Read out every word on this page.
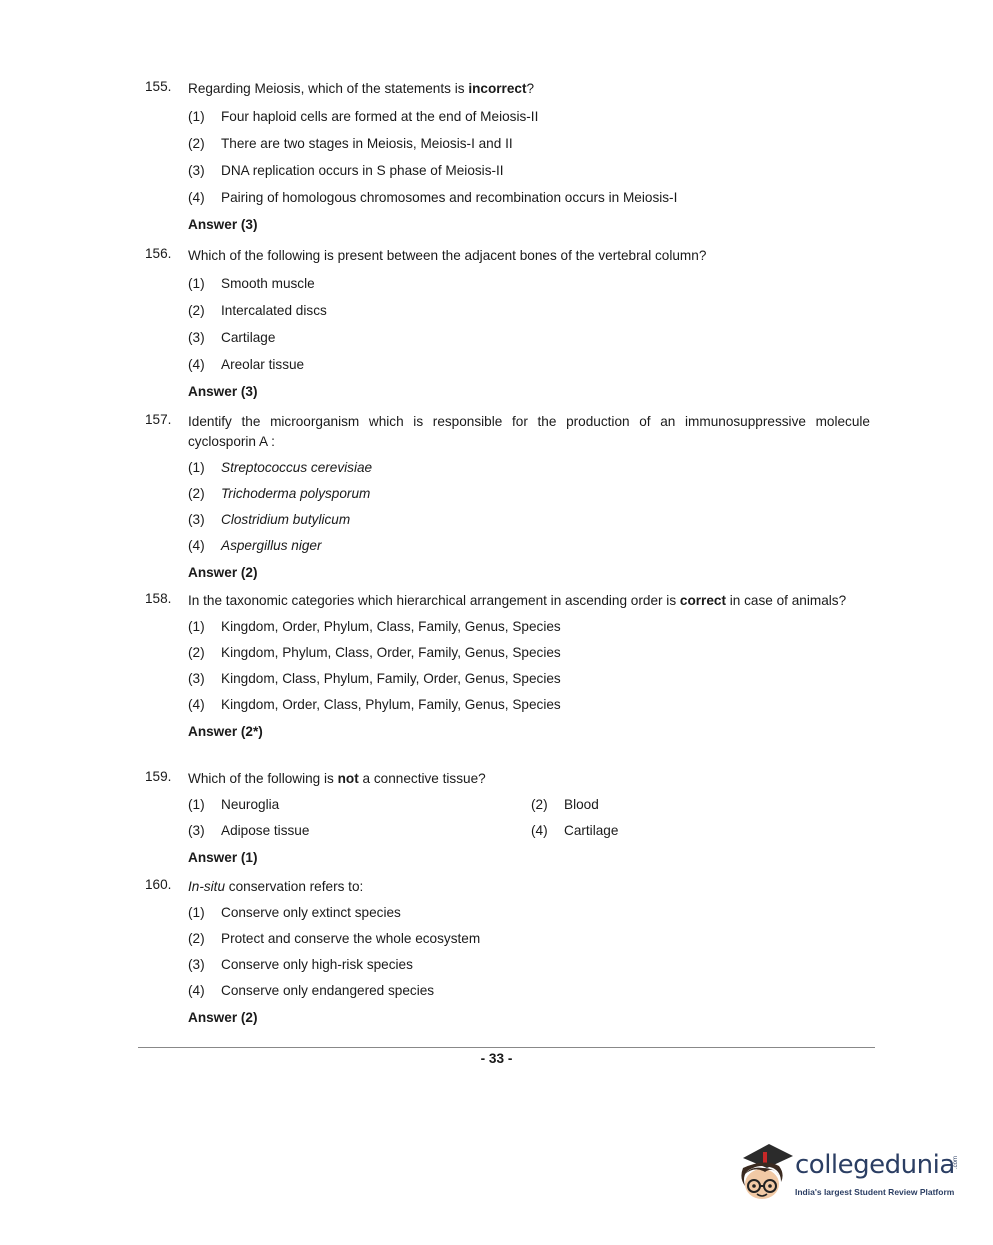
155. Regarding Meiosis, which of the statements is incorrect?
(1)	Four haploid cells are formed at the end of Meiosis-II
(2)	There are two stages in Meiosis, Meiosis-I and II
(3)	DNA replication occurs in S phase of Meiosis-II
(4)	Pairing of homologous chromosomes and recombination occurs in Meiosis-I
Answer (3)
156. Which of the following is present between the adjacent bones of the vertebral column?
(1)	Smooth muscle
(2)	Intercalated discs
(3)	Cartilage
(4)	Areolar tissue
Answer (3)
157. Identify the microorganism which is responsible for the production of an immunosuppressive molecule cyclosporin A :
(1)	Streptococcus cerevisiae
(2)	Trichoderma polysporum
(3)	Clostridium butylicum
(4)	Aspergillus niger
Answer (2)
158. In the taxonomic categories which hierarchical arrangement in ascending order is correct in case of animals?
(1)	Kingdom, Order, Phylum, Class, Family, Genus, Species
(2)	Kingdom, Phylum, Class, Order, Family, Genus, Species
(3)	Kingdom, Class, Phylum, Family, Order, Genus, Species
(4)	Kingdom, Order, Class, Phylum, Family, Genus, Species
Answer (2*)
159. Which of the following is not a connective tissue?
(1)	Neuroglia	(2)	Blood
(3)	Adipose tissue	(4)	Cartilage
Answer (1)
160. In-situ conservation refers to:
(1)	Conserve only extinct species
(2)	Protect and conserve the whole ecosystem
(3)	Conserve only high-risk species
(4)	Conserve only endangered species
Answer (2)
- 33 -
collegedunia
.com
India's largest Student Review Platform
